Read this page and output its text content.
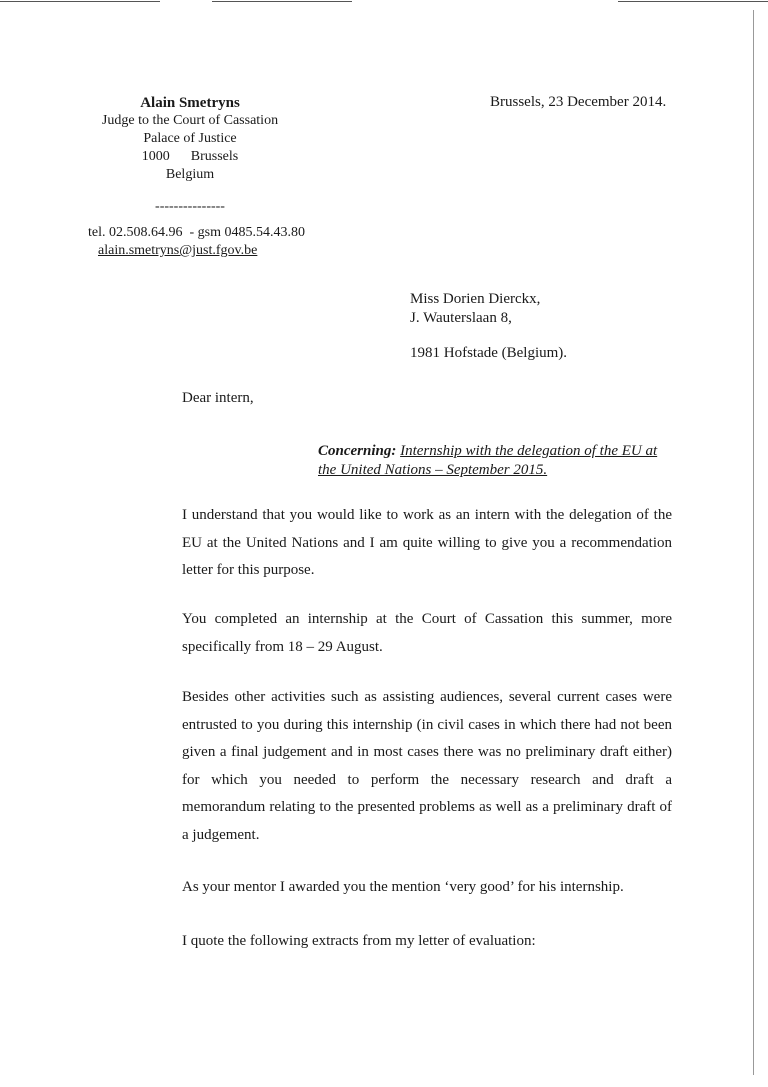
Alain Smetryns
Judge to the Court of Cassation
Palace of Justice
1000      Brussels
Belgium
---------------
tel. 02.508.64.96  - gsm 0485.54.43.80
alain.smetryns@just.fgov.be
Brussels, 23 December 2014.
Miss Dorien Dierckx,
J. Wauterslaan 8,
1981 Hofstade (Belgium).
Dear intern,
Concerning: Internship with the delegation of the EU at the United Nations – September 2015.
I understand that you would like to work as an intern with the delegation of the EU at the United Nations and I am quite willing to give you a recommendation letter for this purpose.
You completed an internship at the Court of Cassation this summer, more specifically from 18 – 29 August.
Besides other activities such as assisting audiences, several current cases were entrusted to you during this internship (in civil cases in which there had not been given a final judgement and in most cases there was no preliminary draft either) for which you needed to perform the necessary research and draft a memorandum relating to the presented problems as well as a preliminary draft of a judgement.
As your mentor I awarded you the mention ‘very good’ for his internship.
I quote the following extracts from my letter of evaluation:
